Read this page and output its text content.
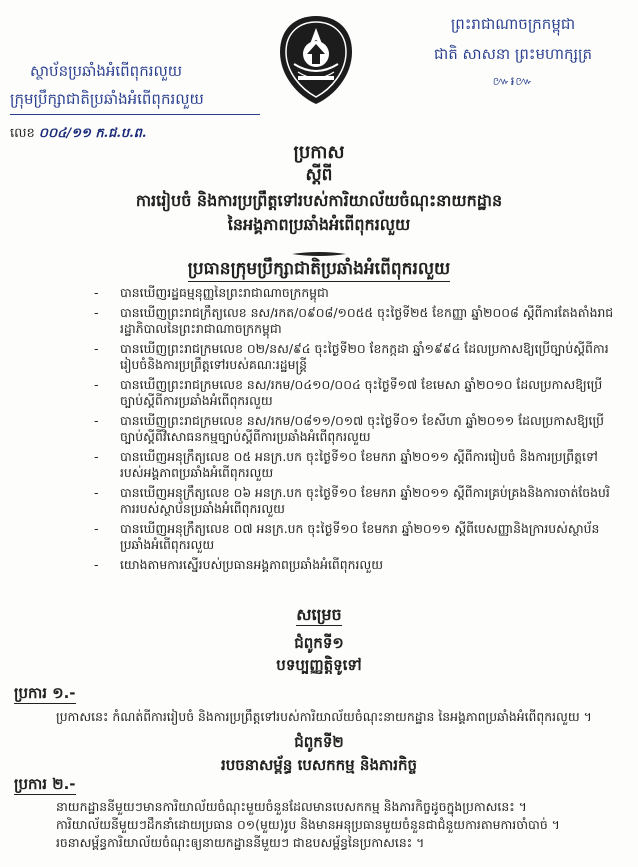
ស្ថាប័នប្រឆាំងអំពើពុករលួយ
ក្រុមប្រឹក្សាជាតិប្រឆាំងអំពើពុករលួយ
លេខ ០០៤/១១ ក.ជ.ប.ព.
ព្រះរាជាណាចក្រកម្ពុជា
ជាតិ សាសនា ព្រះមហាក្សត្រ
៚៛៚
ប្រកាស
ស្ដីពី
ការរៀបចំ និងការប្រព្រឹត្តទៅរបស់ការិយាល័យចំណុះនាយកដ្ឋាន
នៃអង្គភាពប្រឆាំងអំពើពុករលួយ
ប្រធានក្រុមប្រឹក្សាជាតិប្រឆាំងអំពើពុករលួយ
- បានឃើញរដ្ឋធម្មនុញ្ញនៃព្រះរាជាណាចក្រកម្ពុជា
- បានឃើញព្រះរាជក្រឹត្យលេខ នស/រកត/០៩០៨/១០៥៥ ចុះថ្ងៃទី២៥ ខែកញ្ញា ឆ្នាំ២០០៨ ស្ដីពីការតែងតាំងរាជរដ្ឋាភិបាលនៃព្រះរាជាណាចក្រកម្ពុជា
- បានឃើញព្រះរាជក្រមលេខ ០២/នស/៩៤ ចុះថ្ងៃទី២០ ខែកក្កដា ឆ្នាំ១៩៩៤ ដែលប្រកាសឱ្យប្រើច្បាប់ស្ដីពីការ រៀបចំនិងការប្រព្រឹត្តទៅរបស់គណៈរដ្ឋមន្ត្រី
- បានឃើញព្រះរាជក្រមលេខ នស/រកម/០៤១០/០០៤ ចុះថ្ងៃទី១៧ ខែមេសា ឆ្នាំ២០១០ ដែលប្រកាសឱ្យប្រើច្បាប់ស្ដីពីការប្រឆាំងអំពើពុករលួយ
- បានឃើញព្រះរាជក្រមលេខ នស/រកម/០៨១១/០១៧ ចុះថ្ងៃទី០១ ខែសីហា ឆ្នាំ២០១១ ដែលប្រកាសឱ្យប្រើច្បាប់ស្ដីពីវិសោធនកម្មច្បាប់ស្ដីពីការប្រឆាំងអំពើពុករលួយ
- បានឃើញអនុក្រឹត្យលេខ ០៥ អនក្រ.បក ចុះថ្ងៃទី១០ ខែមករា ឆ្នាំ២០១១ ស្ដីពីការរៀបចំ និងការប្រព្រឹត្តទៅរបស់អង្គភាពប្រឆាំងអំពើពុករលួយ
- បានឃើញអនុក្រឹត្យលេខ ០៦ អនក្រ.បក ចុះថ្ងៃទី១០ ខែមករា ឆ្នាំ២០១១ ស្ដីពីការគ្រប់គ្រងនិងការចាត់ចែងបរិការរបស់ស្ថាប័នប្រឆាំងអំពើពុករលួយ
- បានឃើញអនុក្រឹត្យលេខ ០៧ អនក្រ.បក ចុះថ្ងៃទី១០ ខែមករា ឆ្នាំ២០១១ ស្ដីពីបេសញ្ញានិងក្រារបស់ស្ថាប័នប្រឆាំងអំពើពុករលួយ
- យោងតាមការស្នើរបស់ប្រធានអង្គភាពប្រឆាំងអំពើពុករលួយ
សម្រេច
ជំពូកទី១
បទប្បញ្ញត្តិទូទៅ
ប្រការ ១.-
ប្រកាសនេះ កំណត់ពីការរៀបចំ និងការប្រព្រឹត្តទៅរបស់ការិយាល័យចំណុះនាយកដ្ឋាន នៃអង្គភាពប្រឆាំងអំពើពុករលួយ ។
ជំពូកទី២
របចនាសម្ព័ន្ធ បេសកកម្ម និងភារកិច្ច
ប្រការ ២.-
នាយកដ្ឋាននីមួយៗមានការិយាល័យចំណុះមួយចំនួនដែលមានបេសកកម្ម និងភារកិច្ចដូចក្នុងប្រកាសនេះ ។
ការិយាល័យនីមួយៗដឹកនាំដោយប្រធាន ០១(មួយ)រូប និងមានអនុប្រធានមួយចំនួនជាជំនួយការតាមការចាំបាច់ ។
រចនាសម្ព័ន្ធការិយាល័យចំណុះឲ្យនាយកដ្ឋាននីមួយៗ ជាឧបសម្ព័ន្ធនៃប្រកាសនេះ ។
